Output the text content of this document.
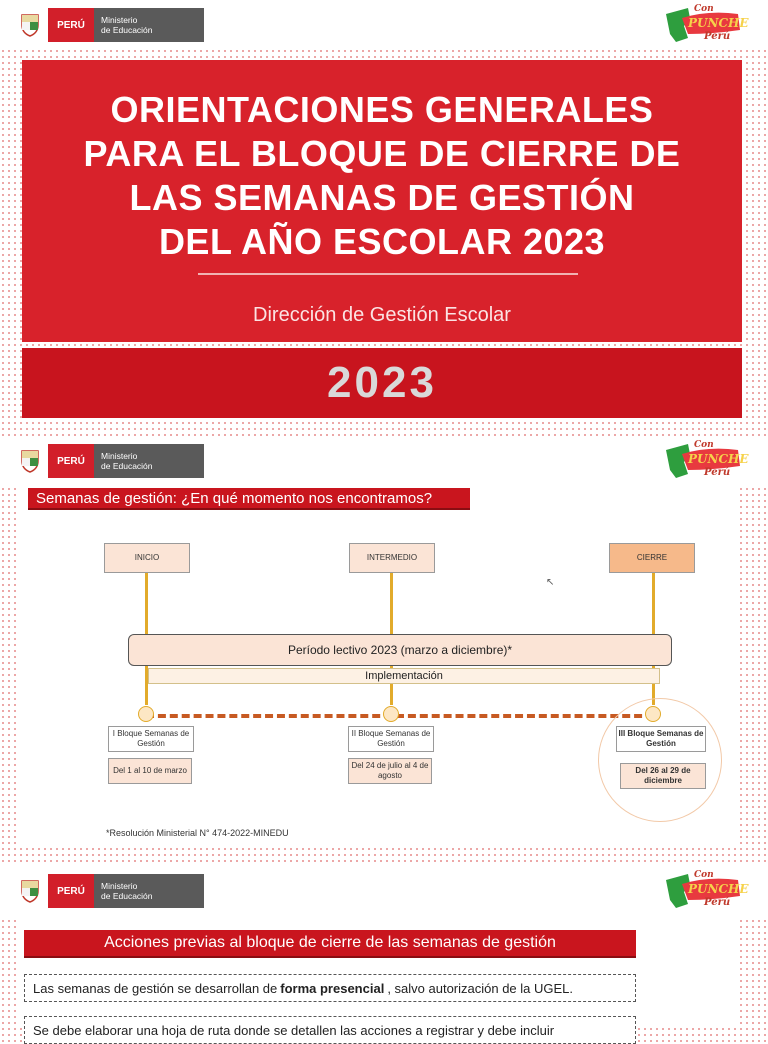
PERÚ	Ministerio
de Educación
Con
PUNCHE
Perú
ORIENTACIONES GENERALES
PARA EL BLOQUE DE CIERRE DE
LAS SEMANAS DE GESTIÓN
DEL AÑO ESCOLAR 2023
Dirección de Gestión Escolar
2023
PERÚ	Ministerio
de Educación
Con
PUNCHE
Perú
Semanas de gestión: ¿En qué momento nos encontramos?
INICIO	INTERMEDIO	CIERRE
Período lectivo 2023 (marzo a diciembre)*
Implementación
I Bloque Semanas de Gestión
Del 1 al 10 de marzo
II Bloque Semanas de Gestión
Del 24 de julio al 4 de agosto
III Bloque Semanas de Gestión
Del 26 al 29 de diciembre
*Resolución Ministerial N° 474-2022-MINEDU
↖
PERÚ	Ministerio
de Educación
Con
PUNCHE
Perú
Acciones previas al bloque de cierre de las semanas de gestión
Las semanas de gestión se desarrollan de forma presencial , salvo autorización de la UGEL.
Se debe elaborar una hoja de ruta donde se detallen las acciones a registrar y debe incluir
